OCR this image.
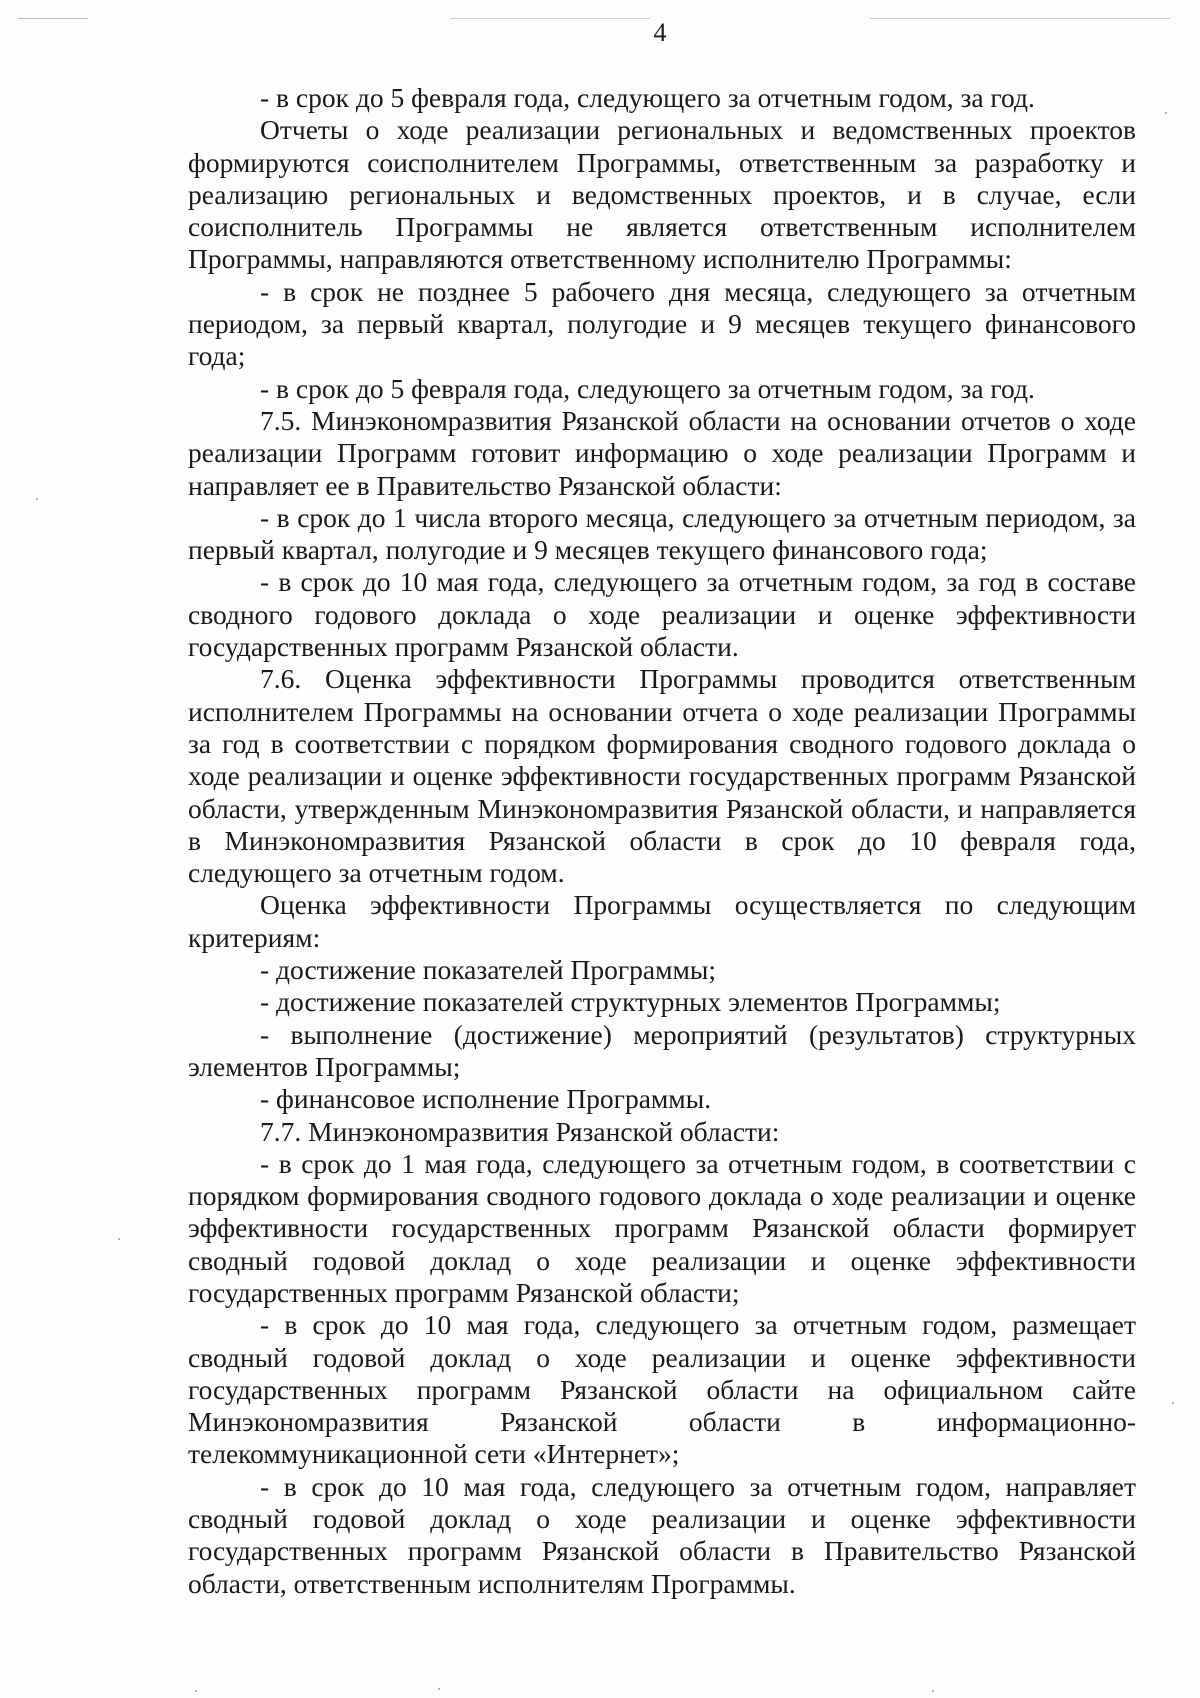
4

- в срок до 5 февраля года, следующего за отчетным годом, за год.

Отчеты о ходе реализации региональных и ведомственных проектов формируются соисполнителем Программы, ответственным за разработку и реализацию региональных и ведомственных проектов, и в случае, если соисполнитель Программы не является ответственным исполнителем Программы, направляются ответственному исполнителю Программы:

- в срок не позднее 5 рабочего дня месяца, следующего за отчетным периодом, за первый квартал, полугодие и 9 месяцев текущего финансового года;

- в срок до 5 февраля года, следующего за отчетным годом, за год.

7.5. Минэкономразвития Рязанской области на основании отчетов о ходе реализации Программ готовит информацию о ходе реализации Программ и направляет ее в Правительство Рязанской области:

- в срок до 1 числа второго месяца, следующего за отчетным периодом, за первый квартал, полугодие и 9 месяцев текущего финансового года;

- в срок до 10 мая года, следующего за отчетным годом, за год в составе сводного годового доклада о ходе реализации и оценке эффективности государственных программ Рязанской области.

7.6. Оценка эффективности Программы проводится ответственным исполнителем Программы на основании отчета о ходе реализации Программы за год в соответствии с порядком формирования сводного годового доклада о ходе реализации и оценке эффективности государственных программ Рязанской области, утвержденным Минэкономразвития Рязанской области, и направляется в Минэкономразвития Рязанской области в срок до 10 февраля года, следующего за отчетным годом.

Оценка эффективности Программы осуществляется по следующим критериям:

- достижение показателей Программы;

- достижение показателей структурных элементов Программы;

- выполнение (достижение) мероприятий (результатов) структурных элементов Программы;

- финансовое исполнение Программы.

7.7. Минэкономразвития Рязанской области:

- в срок до 1 мая года, следующего за отчетным годом, в соответствии с порядком формирования сводного годового доклада о ходе реализации и оценке эффективности государственных программ Рязанской области формирует сводный годовой доклад о ходе реализации и оценке эффективности государственных программ Рязанской области;

- в срок до 10 мая года, следующего за отчетным годом, размещает сводный годовой доклад о ходе реализации и оценке эффективности государственных программ Рязанской области на официальном сайте Минэкономразвития Рязанской области в информационно-телекоммуникационной сети «Интернет»;

- в срок до 10 мая года, следующего за отчетным годом, направляет сводный годовой доклад о ходе реализации и оценке эффективности государственных программ Рязанской области в Правительство Рязанской области, ответственным исполнителям Программы.
